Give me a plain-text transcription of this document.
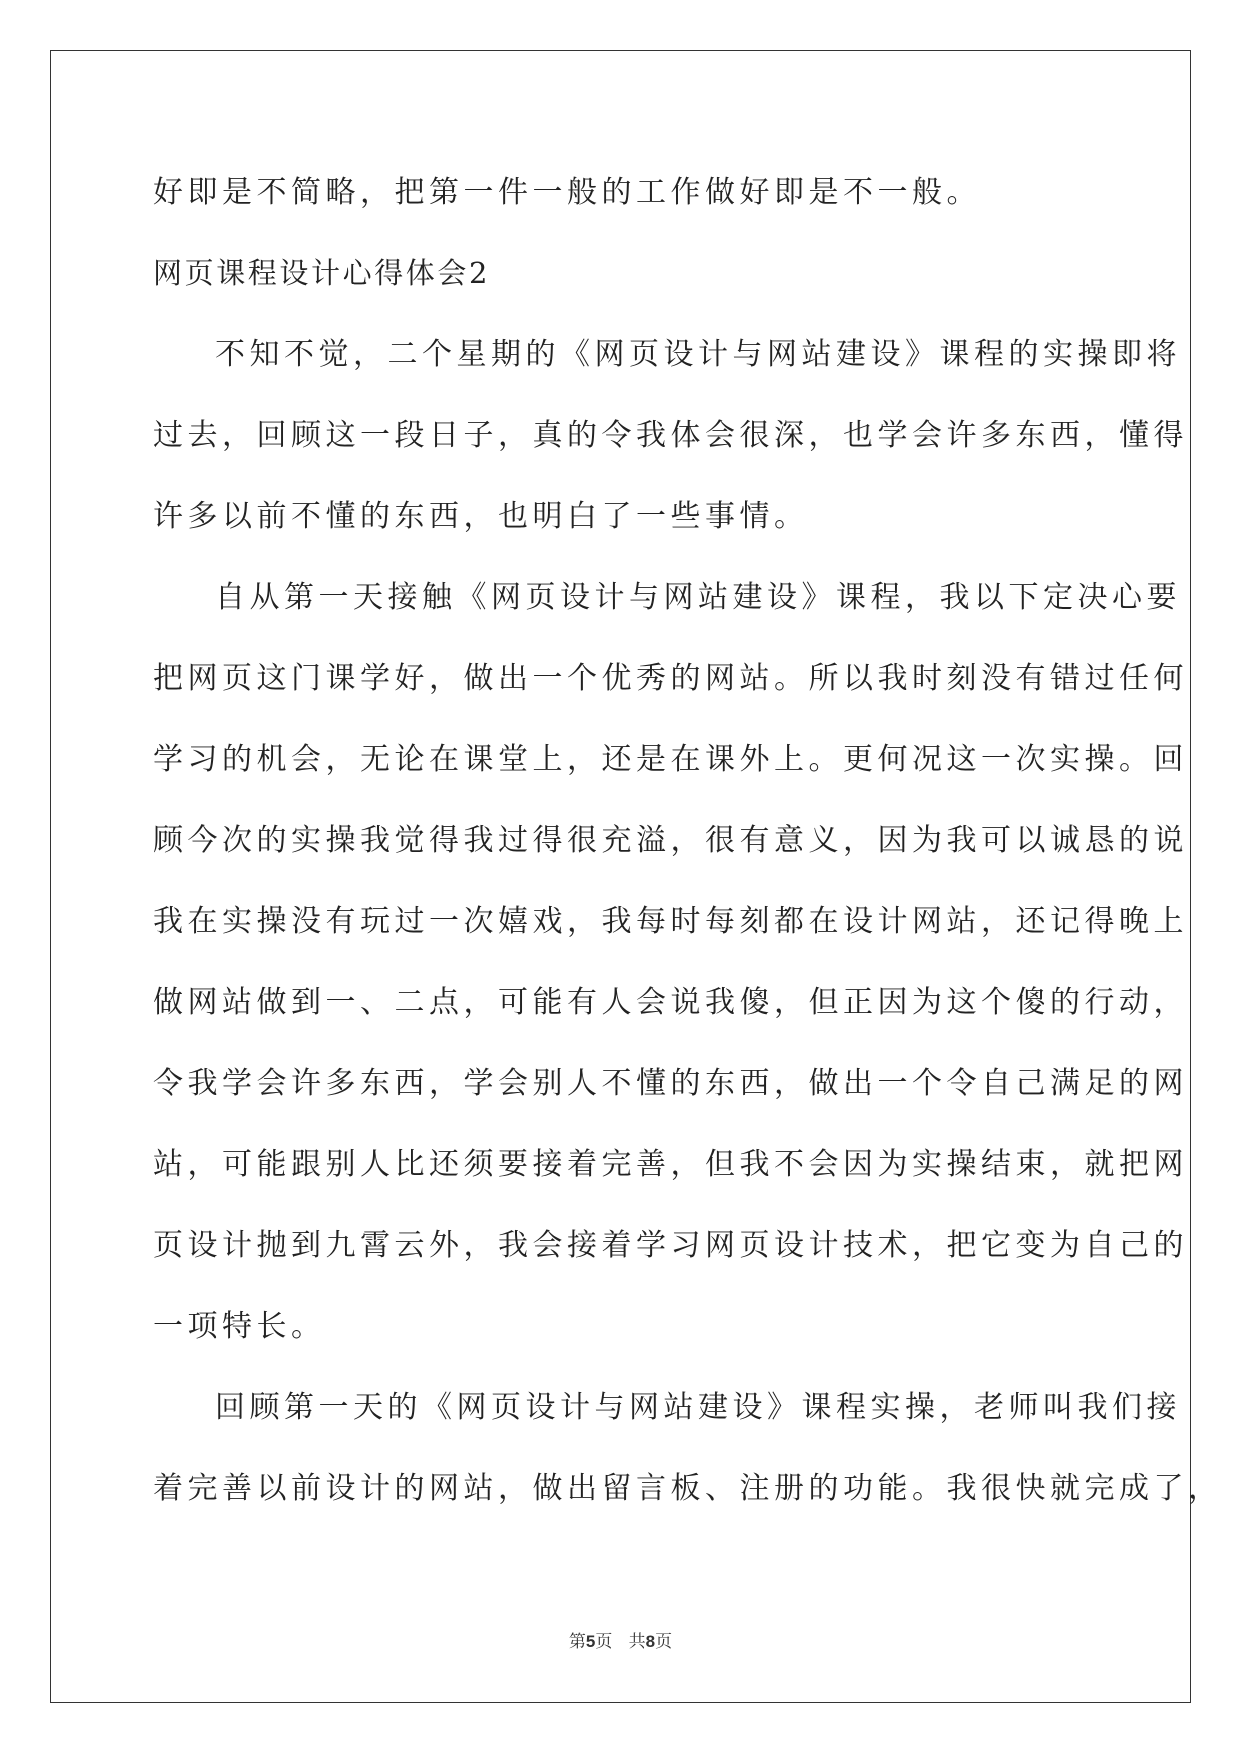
好即是不简略，把第一件一般的工作做好即是不一般。
网页课程设计心得体会2
不知不觉，二个星期的《网页设计与网站建设》课程的实操即将
过去，回顾这一段日子，真的令我体会很深，也学会许多东西，懂得
许多以前不懂的东西，也明白了一些事情。
自从第一天接触《网页设计与网站建设》课程，我以下定决心要
把网页这门课学好，做出一个优秀的网站。所以我时刻没有错过任何
学习的机会，无论在课堂上，还是在课外上。更何况这一次实操。回
顾今次的实操我觉得我过得很充溢，很有意义，因为我可以诚恳的说
我在实操没有玩过一次嬉戏，我每时每刻都在设计网站，还记得晚上
做网站做到一、二点，可能有人会说我傻，但正因为这个傻的行动，
令我学会许多东西，学会别人不懂的东西，做出一个令自己满足的网
站，可能跟别人比还须要接着完善，但我不会因为实操结束，就把网
页设计抛到九霄云外，我会接着学习网页设计技术，把它变为自己的
一项特长。
回顾第一天的《网页设计与网站建设》课程实操，老师叫我们接
着完善以前设计的网站，做出留言板、注册的功能。我很快就完成了，
第5页   共8页
